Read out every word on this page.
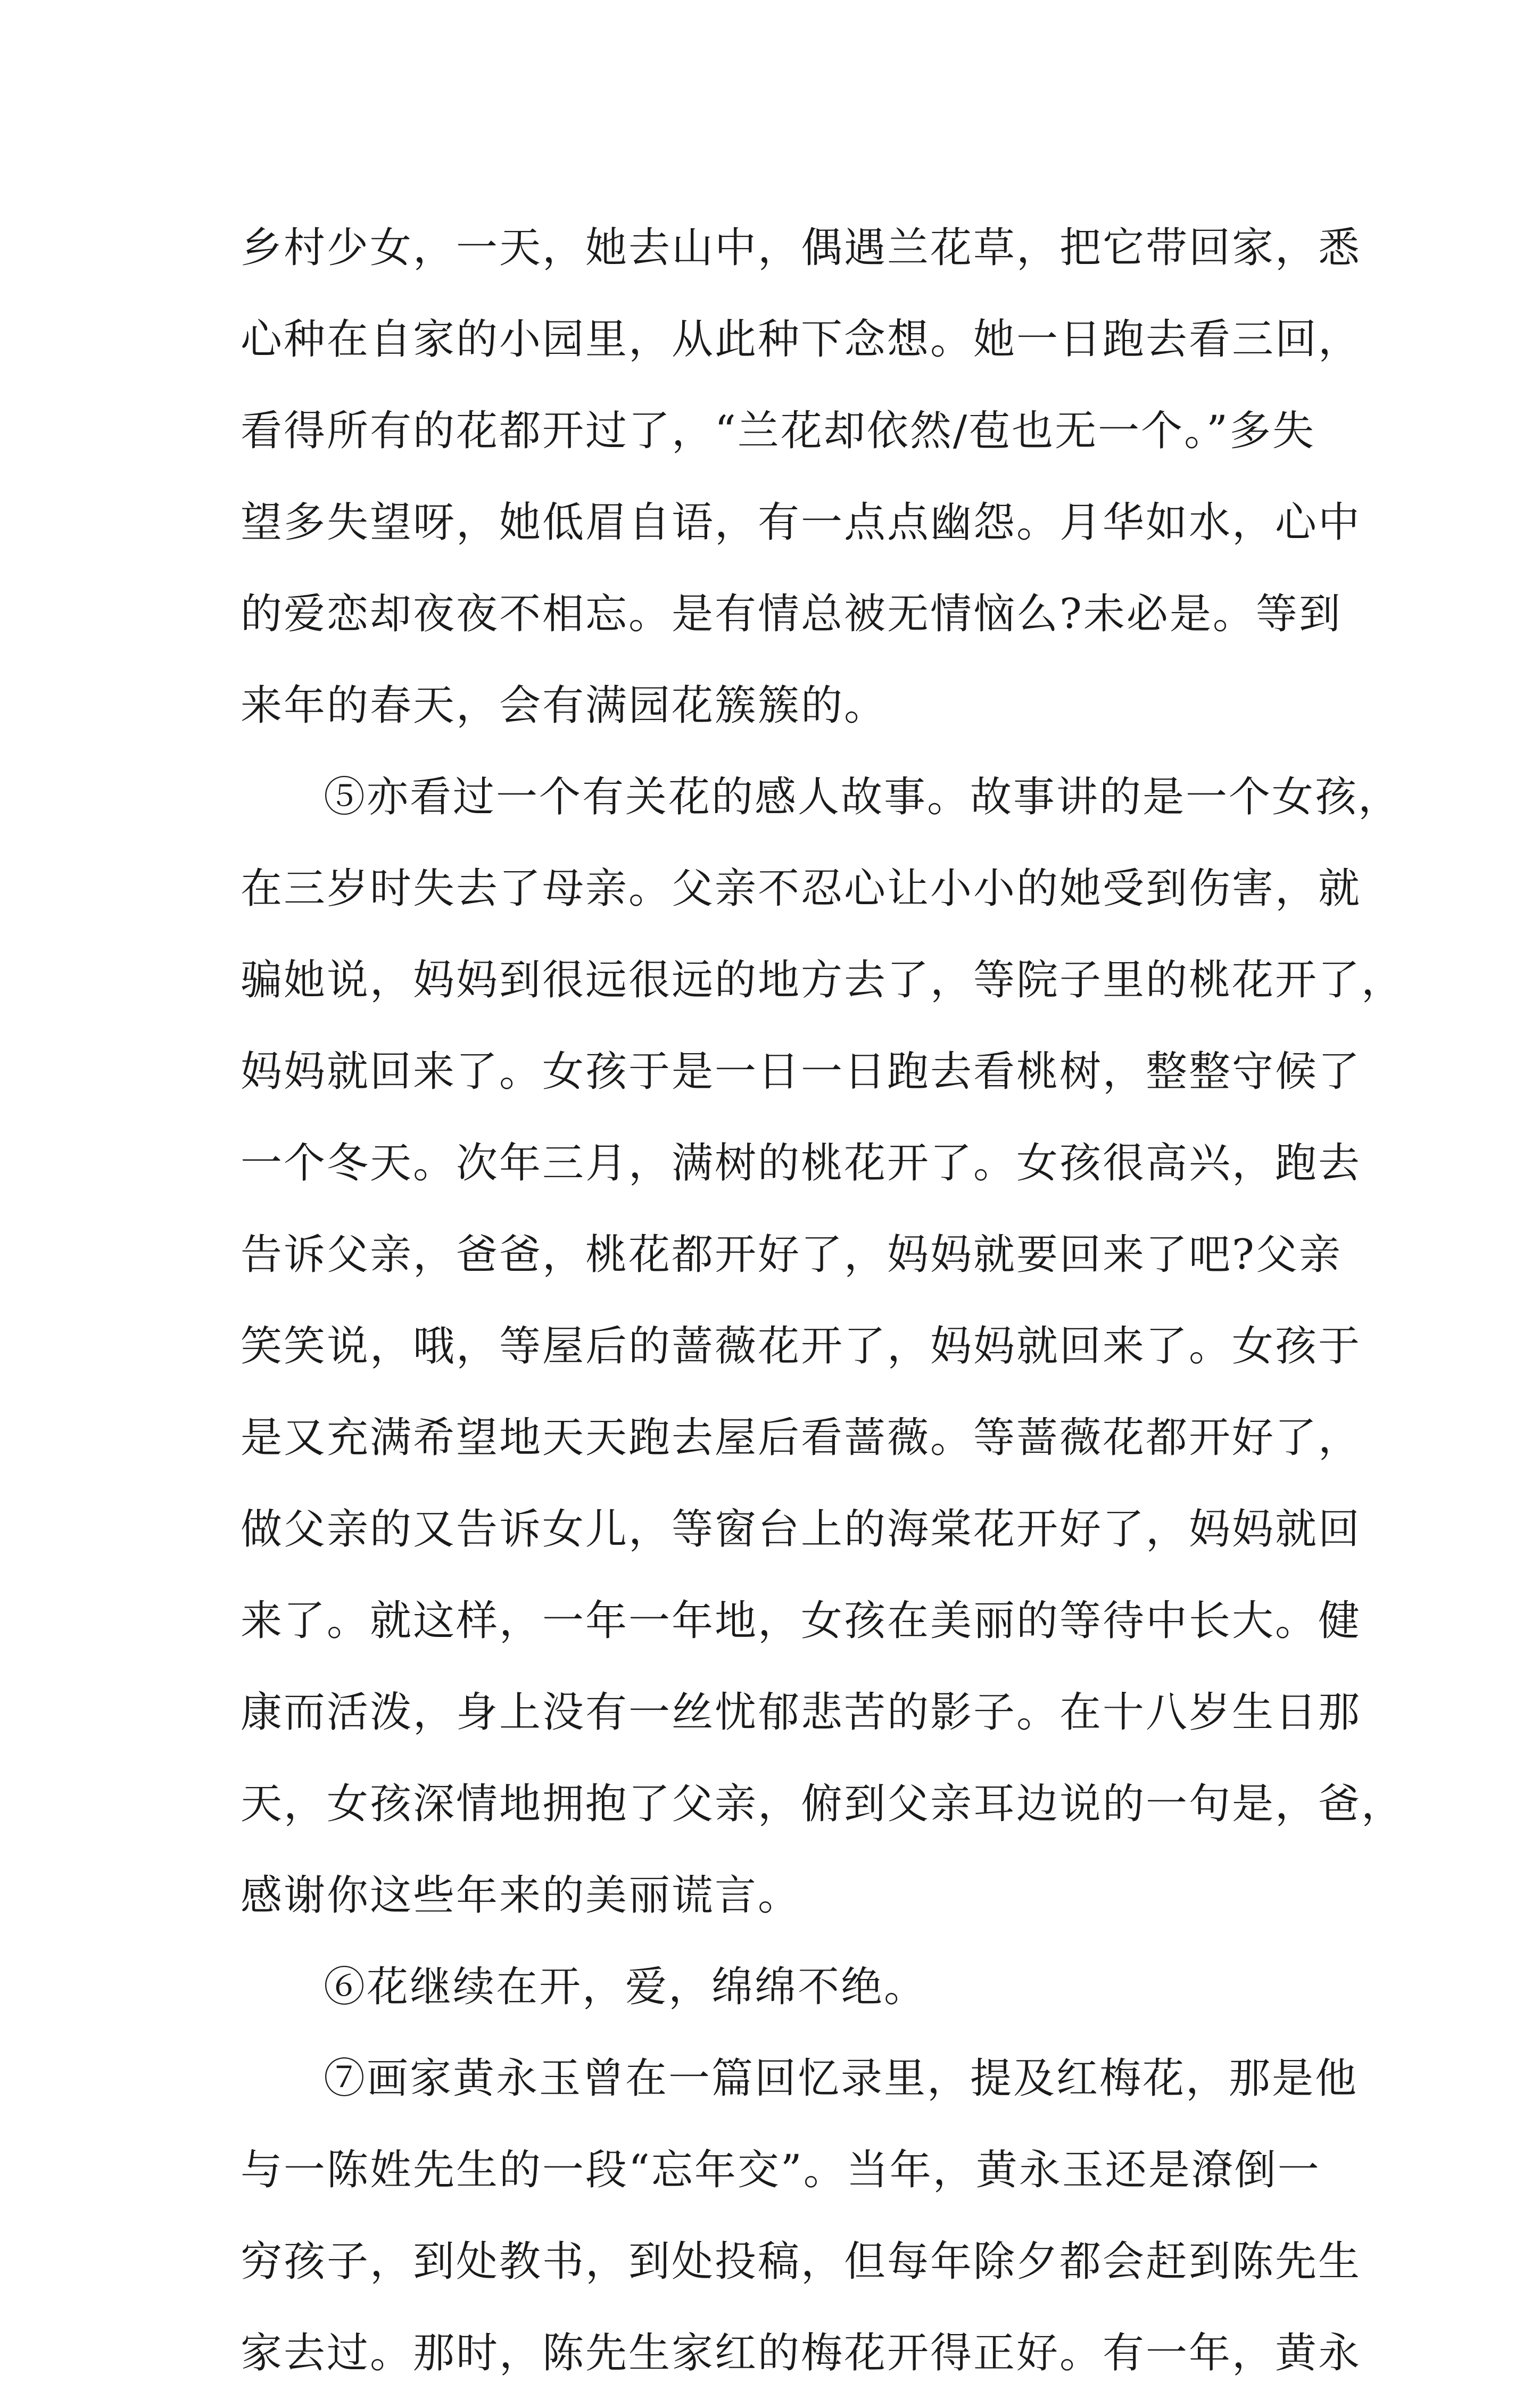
乡村少女，一天，她去山中，偶遇兰花草，把它带回家，悉
心种在自家的小园里，从此种下念想。她一日跑去看三回，
看得所有的花都开过了，“兰花却依然/苞也无一个。”多失
望多失望呀，她低眉自语，有一点点幽怨。月华如水，心中
的爱恋却夜夜不相忘。是有情总被无情恼么?未必是。等到
来年的春天，会有满园花簇簇的。
⑤亦看过一个有关花的感人故事。故事讲的是一个女孩，
在三岁时失去了母亲。父亲不忍心让小小的她受到伤害，就
骗她说，妈妈到很远很远的地方去了，等院子里的桃花开了，
妈妈就回来了。女孩于是一日一日跑去看桃树，整整守候了
一个冬天。次年三月，满树的桃花开了。女孩很高兴，跑去
告诉父亲，爸爸，桃花都开好了，妈妈就要回来了吧?父亲
笑笑说，哦，等屋后的蔷薇花开了，妈妈就回来了。女孩于
是又充满希望地天天跑去屋后看蔷薇。等蔷薇花都开好了，
做父亲的又告诉女儿，等窗台上的海棠花开好了，妈妈就回
来了。就这样，一年一年地，女孩在美丽的等待中长大。健
康而活泼，身上没有一丝忧郁悲苦的影子。在十八岁生日那
天，女孩深情地拥抱了父亲，俯到父亲耳边说的一句是，爸，
感谢你这些年来的美丽谎言。
⑥花继续在开，爱，绵绵不绝。
⑦画家黄永玉曾在一篇回忆录里，提及红梅花，那是他
与一陈姓先生的一段“忘年交”。当年，黄永玉还是潦倒一
穷孩子，到处教书，到处投稿，但每年除夕都会赶到陈先生
家去过。那时，陈先生家红的梅花开得正好。有一年，黄永
